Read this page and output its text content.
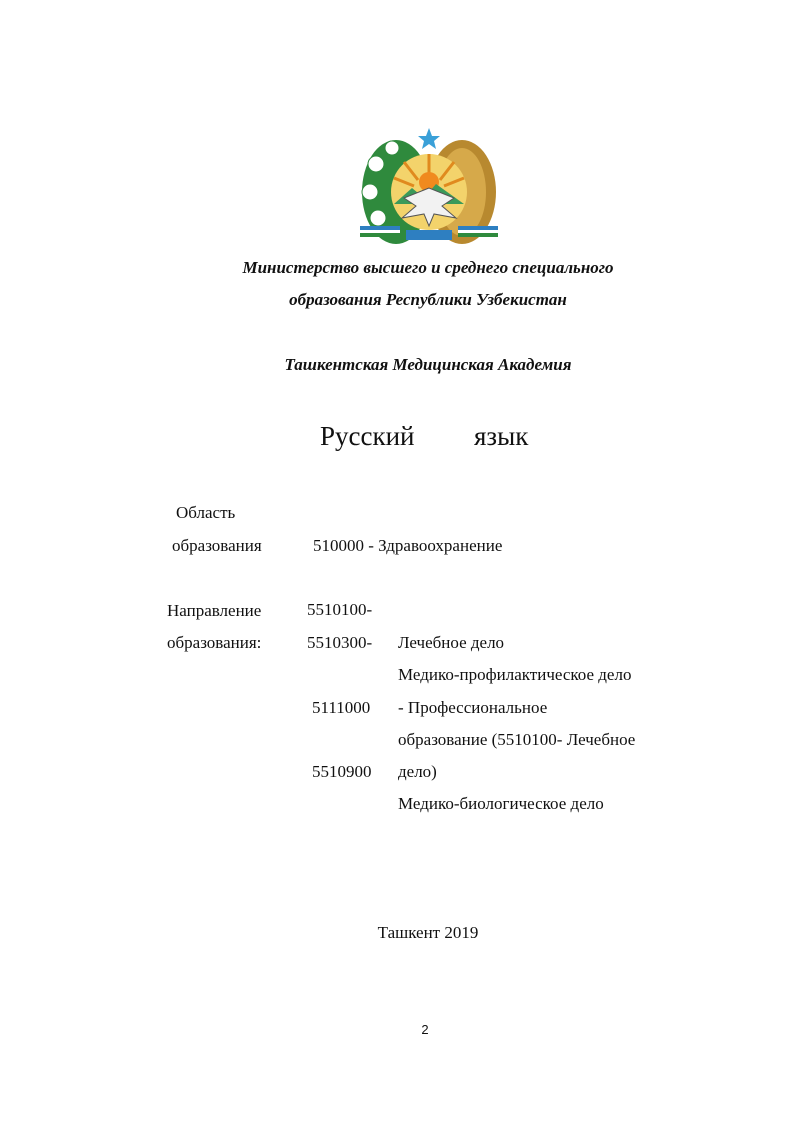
Министерство высшего и среднего специального
образования Республики Узбекистан
Ташкентская Медицинская Академия
Русский язык
Область
образования	510000 - Здравоохранение
Направление
образования:
5510100-
5510300-
5111000
5510900
Лечебное дело
Медико-профилактическое дело
- Профессиональное
образование (5510100- Лечебное
дело)
Медико-биологическое дело
Ташкент 2019
2
